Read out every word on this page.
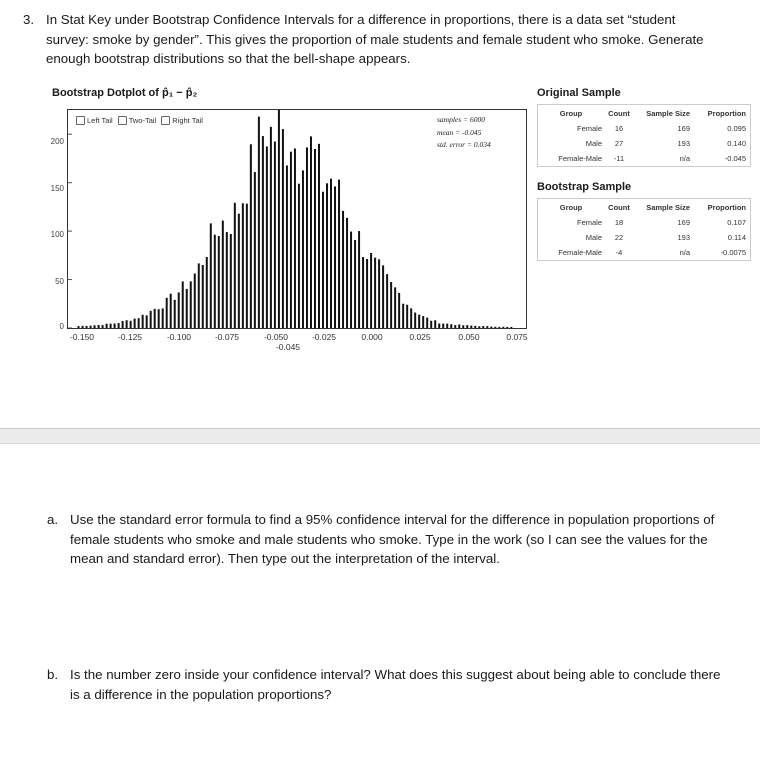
3. In Stat Key under Bootstrap Confidence Intervals for a difference in proportions, there is a data set “student survey: smoke by gender”. This gives the proportion of male students and female student who smoke. Generate enough bootstrap distributions so that the bell-shape appears.
Bootstrap Dotplot of p̂₁ − p̂₂
Left Tail Two-Tail Right Tail	samples = 6000
mean = -0.045
std. error = 0.034
200
150
100
50
0
-0.150	-0.125	-0.100	-0.075	-0.050	-0.025	0.000	0.025	0.050	0.075
-0.045
Original Sample
Group	Count	Sample Size	Proportion
Female	16	169	0.095
Male	27	193	0.140
Female-Male	-11	n/a	-0.045
Bootstrap Sample
Group	Count	Sample Size	Proportion
Female	18	169	0.107
Male	22	193	0.114
Female-Male	-4	n/a	-0.0075
a. Use the standard error formula to find a 95% confidence interval for the difference in population proportions of female students who smoke and male students who smoke. Type in the work (so I can see the values for the mean and standard error). Then type out the interpretation of the interval.
b. Is the number zero inside your confidence interval? What does this suggest about being able to conclude there is a difference in the population proportions?
